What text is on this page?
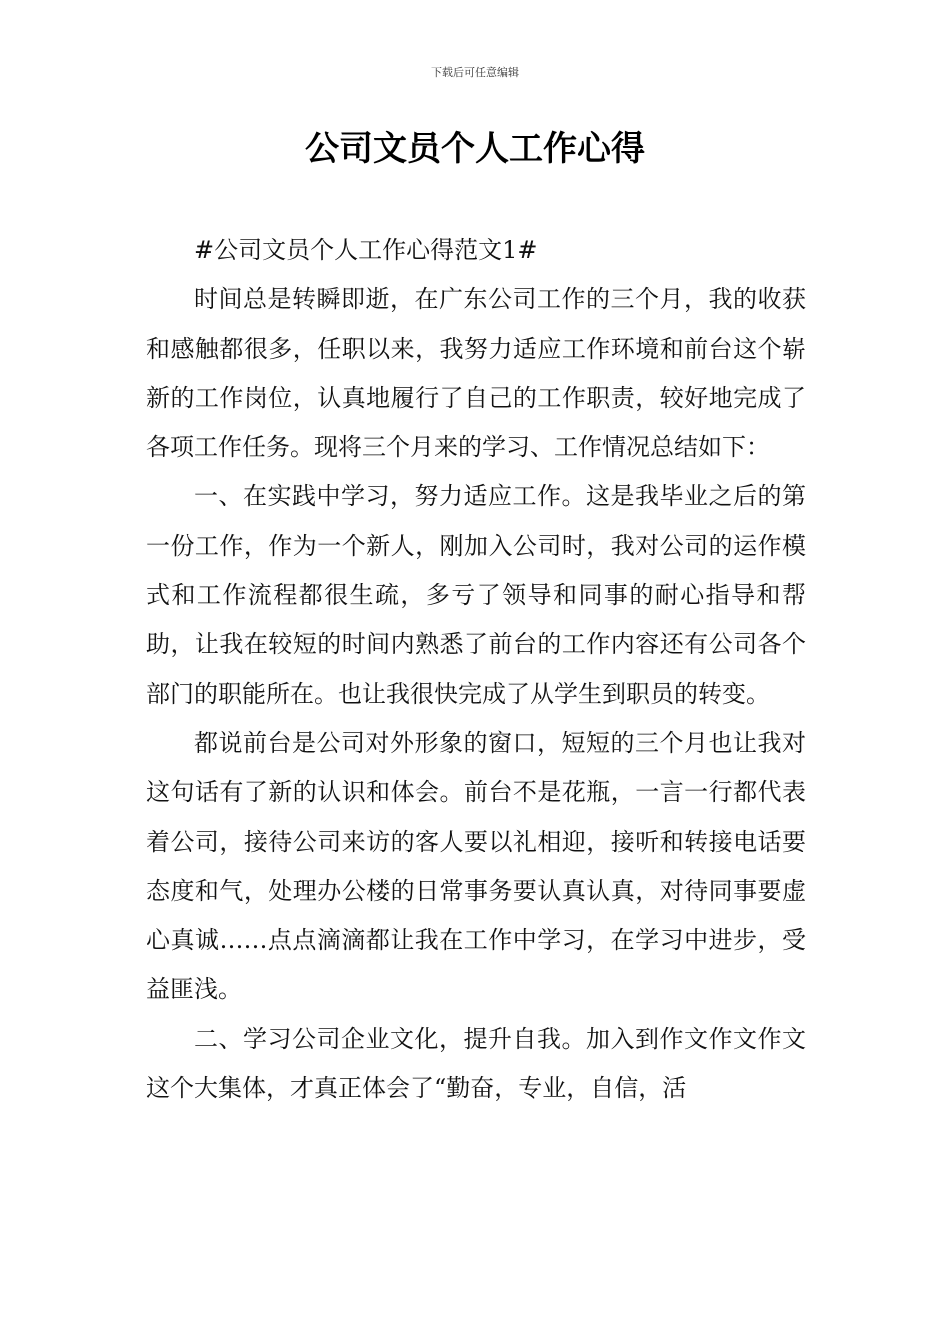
下载后可任意编辑
公司文员个人工作心得

#公司文员个人工作心得范文1#

时间总是转瞬即逝，在广东公司工作的三个月，我的收获和感触都很多，任职以来，我努力适应工作环境和前台这个崭新的工作岗位，认真地履行了自己的工作职责，较好地完成了各项工作任务。现将三个月来的学习、工作情况总结如下：

一、在实践中学习，努力适应工作。这是我毕业之后的第一份工作，作为一个新人，刚加入公司时，我对公司的运作模式和工作流程都很生疏，多亏了领导和同事的耐心指导和帮助，让我在较短的时间内熟悉了前台的工作内容还有公司各个部门的职能所在。也让我很快完成了从学生到职员的转变。

都说前台是公司对外形象的窗口，短短的三个月也让我对这句话有了新的认识和体会。前台不是花瓶，一言一行都代表着公司，接待公司来访的客人要以礼相迎，接听和转接电话要态度和气，处理办公楼的日常事务要认真认真，对待同事要虚心真诚……点点滴滴都让我在工作中学习，在学习中进步，受益匪浅。

二、学习公司企业文化，提升自我。加入到作文作文作文这个大集体，才真正体会了“勤奋，专业，自信，活
